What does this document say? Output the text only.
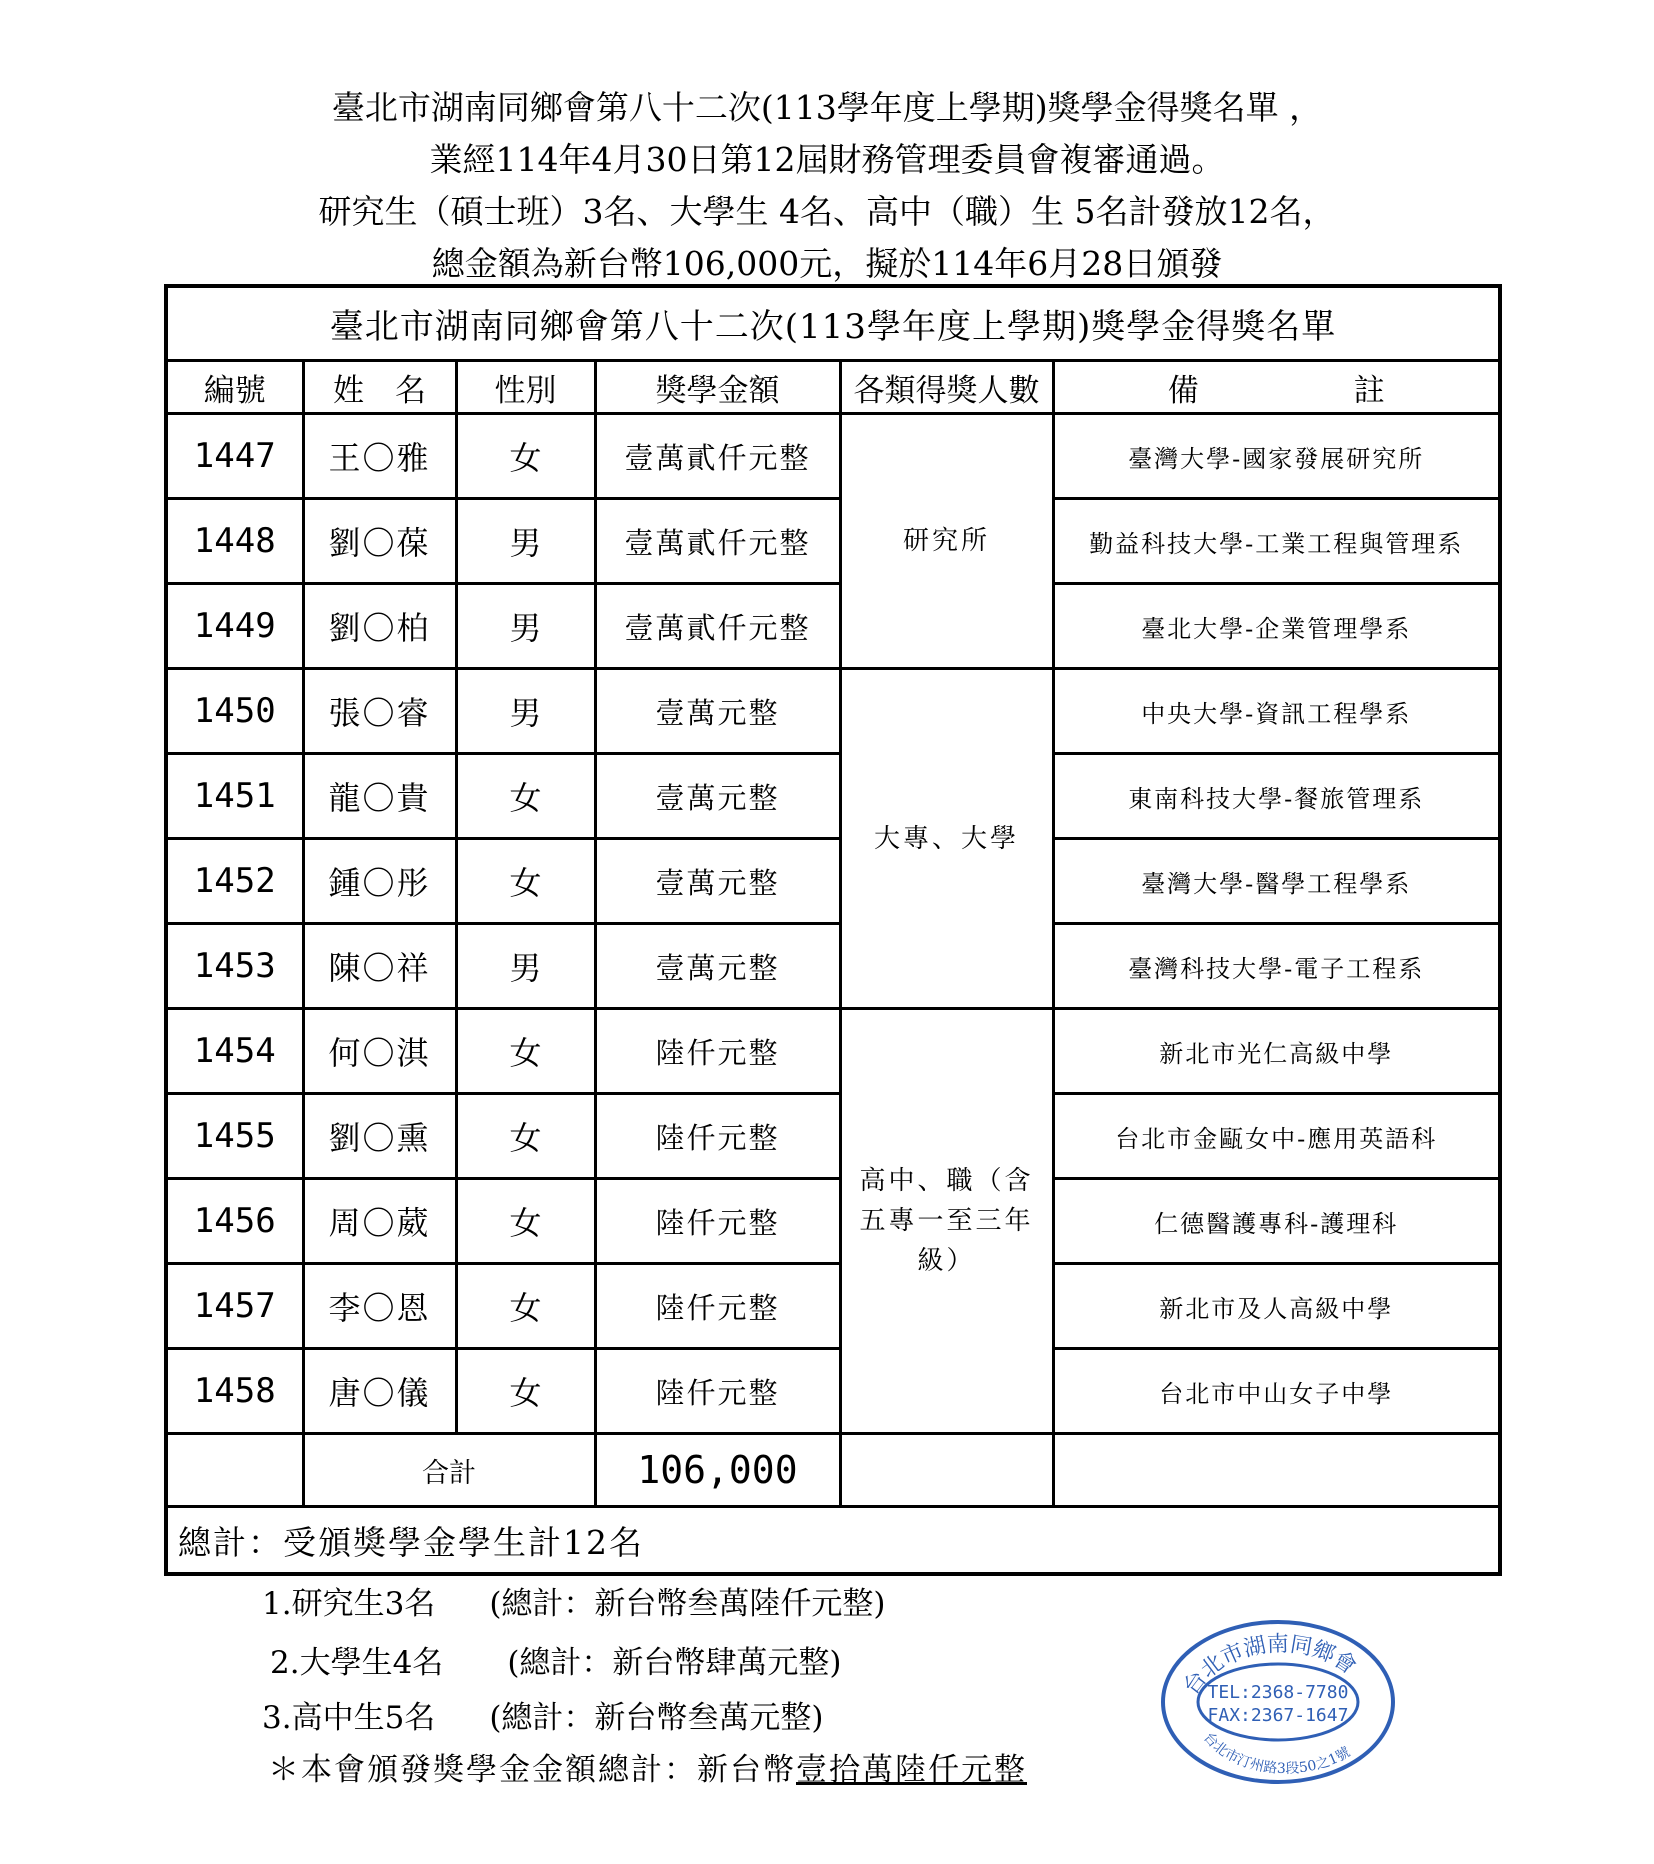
臺北市湖南同鄉會第八十二次(113學年度上學期)獎學金得獎名單 ，
業經114年4月30日第12屆財務管理委員會複審通過。
研究生（碩士班）3名、大學生 4名、高中（職）生 5名計發放12名，
總金額為新台幣106,000元，擬於114年6月28日頒發
臺北市湖南同鄉會第八十二次(113學年度上學期)獎學金得獎名單					
編號	姓　名	性別	獎學金額	各類得獎人數	備　　　　　註
1447	王〇雅	女	壹萬貳仟元整	研究所	臺灣大學-國家發展研究所
1448	劉〇葆	男	壹萬貳仟元整		勤益科技大學-工業工程與管理系
1449	劉〇柏	男	壹萬貳仟元整		臺北大學-企業管理學系
1450	張〇睿	男	壹萬元整	大專、大學	中央大學-資訊工程學系
1451	龍〇貴	女	壹萬元整		東南科技大學-餐旅管理系
1452	鍾〇彤	女	壹萬元整		臺灣大學-醫學工程學系
1453	陳〇祥	男	壹萬元整		臺灣科技大學-電子工程系
1454	何〇淇	女	陸仟元整	高中、職（含五專一至三年級）	新北市光仁高級中學
1455	劉〇熏	女	陸仟元整		台北市金甌女中-應用英語科
1456	周〇葳	女	陸仟元整		仁德醫護專科-護理科
1457	李〇恩	女	陸仟元整		新北市及人高級中學
1458	唐〇儀	女	陸仟元整		台北市中山女子中學
	合計		106,000		
總計：受頒獎學金學生計12名					
1.研究生3名 (總計：新台幣叁萬陸仟元整)
2.大學生4名 (總計：新台幣肆萬元整)
3.高中生5名 (總計：新台幣叁萬元整)
＊本會頒發獎學金金額總計：新台幣壹拾萬陸仟元整
台北市湖南同鄉會
TEL:2368-7780
FAX:2367-1647
台北市汀州路3段50之1號
